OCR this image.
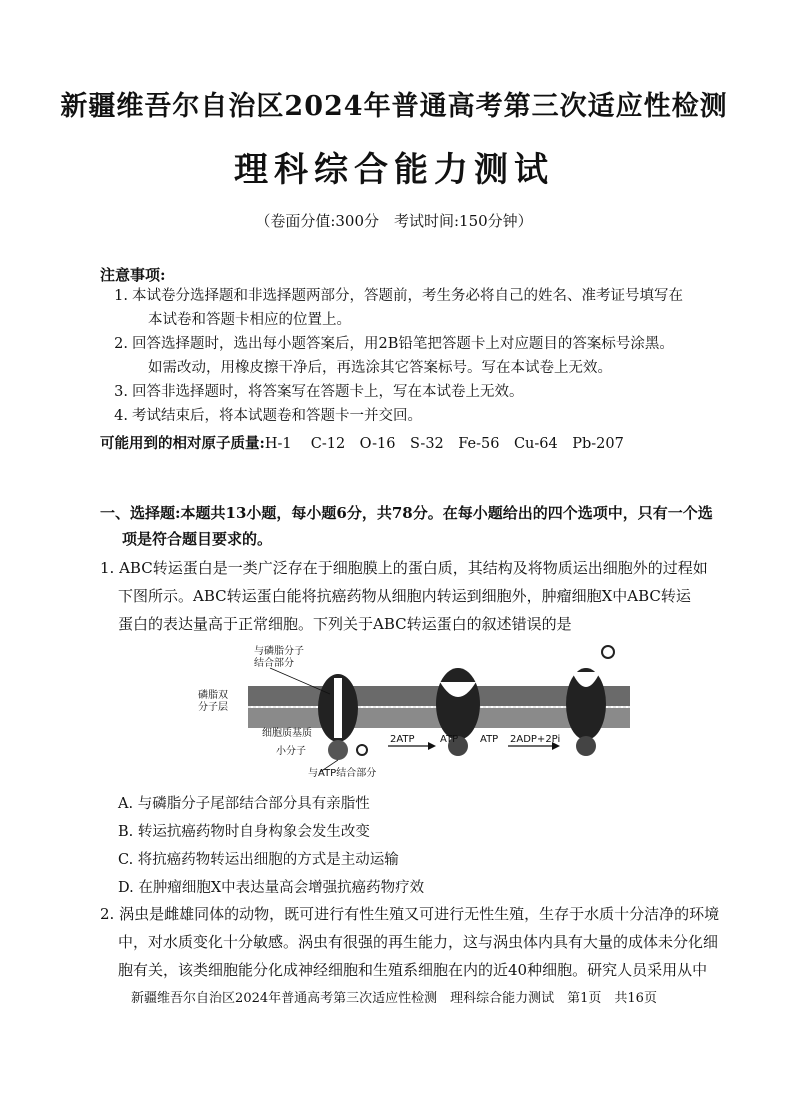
新疆维吾尔自治区2024年普通高考第三次适应性检测
理科综合能力测试
（卷面分值:300分　考试时间:150分钟）
注意事项:
1. 本试卷分选择题和非选择题两部分，答题前，考生务必将自己的姓名、准考证号填写在
本试卷和答题卡相应的位置上。
2. 回答选择题时，选出每小题答案后，用2B铅笔把答题卡上对应题目的答案标号涂黑。
如需改动，用橡皮擦干净后，再选涂其它答案标号。写在本试卷上无效。
3. 回答非选择题时，将答案写在答题卡上，写在本试卷上无效。
4. 考试结束后，将本试题卷和答题卡一并交回。
可能用到的相对原子质量:H-1　 C-12　O-16　S-32　Fe-56　Cu-64　Pb-207
一、选择题:本题共13小题，每小题6分，共78分。在每小题给出的四个选项中，只有一个选
项是符合题目要求的。
1. ABC转运蛋白是一类广泛存在于细胞膜上的蛋白质，其结构及将物质运出细胞外的过程如
下图所示。ABC转运蛋白能将抗癌药物从细胞内转运到细胞外，肿瘤细胞X中ABC转运
蛋白的表达量高于正常细胞。下列关于ABC转运蛋白的叙述错误的是
与磷脂分子
结合部分
磷脂双
分子层
细胞质基质
小分子
与ATP结合部分
2ATP	ATP ATP 2ADP+2Pi
A. 与磷脂分子尾部结合部分具有亲脂性
B. 转运抗癌药物时自身构象会发生改变
C. 将抗癌药物转运出细胞的方式是主动运输
D. 在肿瘤细胞X中表达量高会增强抗癌药物疗效
2. 涡虫是雌雄同体的动物，既可进行有性生殖又可进行无性生殖，生存于水质十分洁净的环境
中，对水质变化十分敏感。涡虫有很强的再生能力，这与涡虫体内具有大量的成体未分化细
胞有关，该类细胞能分化成神经细胞和生殖系细胞在内的近40种细胞。研究人员采用从中
新疆维吾尔自治区2024年普通高考第三次适应性检测　理科综合能力测试　第1页　共16页
